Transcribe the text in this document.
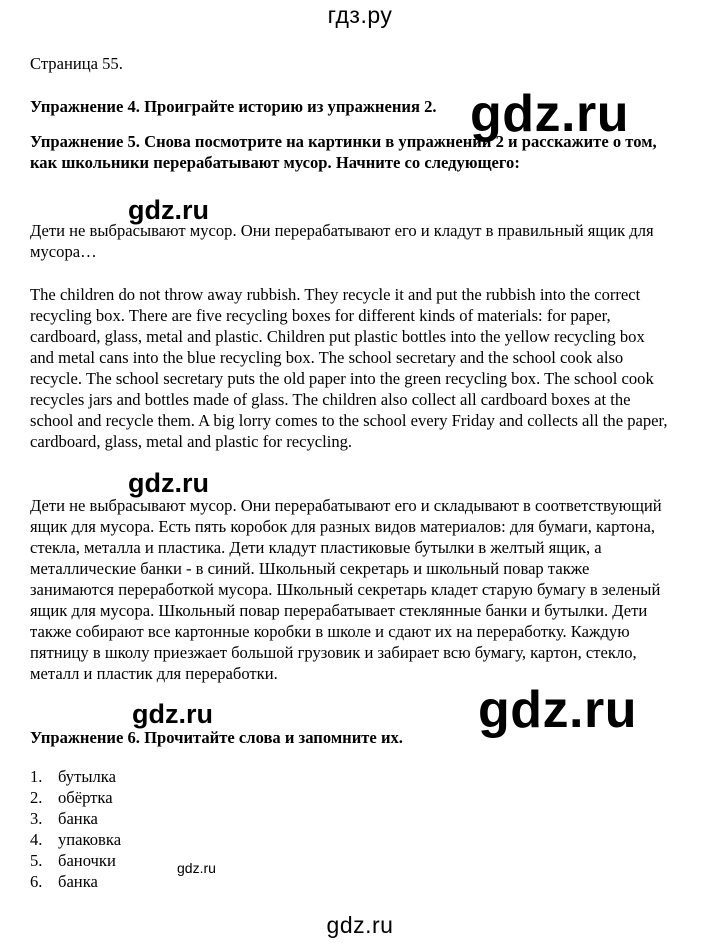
гдз.ру

Страница 55.

Упражнение 4. Проиграйте историю из упражнения 2.

Упражнение 5. Снова посмотрите на картинки в упражнении 2 и расскажите о том, как школьники перерабатывают мусор. Начните со следующего:

Дети не выбрасывают мусор. Они перерабатывают его и кладут в правильный ящик для мусора…

The children do not throw away rubbish. They recycle it and put the rubbish into the correct recycling box. There are five recycling boxes for different kinds of materials: for paper, cardboard, glass, metal and plastic. Children put plastic bottles into the yellow recycling box and metal cans into the blue recycling box. The school secretary and the school cook also recycle. The school secretary puts the old paper into the green recycling box. The school cook recycles jars and bottles made of glass. The children also collect all cardboard boxes at the school and recycle them. A big lorry comes to the school every Friday and collects all the paper, cardboard, glass, metal and plastic for recycling.

Дети не выбрасывают мусор. Они перерабатывают его и складывают в соответствующий ящик для мусора. Есть пять коробок для разных видов материалов: для бумаги, картона, стекла, металла и пластика. Дети кладут пластиковые бутылки в желтый ящик, а металлические банки - в синий. Школьный секретарь и школьный повар также занимаются переработкой мусора. Школьный секретарь кладет старую бумагу в зеленый ящик для мусора. Школьный повар перерабатывает стеклянные банки и бутылки. Дети также собирают все картонные коробки в школе и сдают их на переработку. Каждую пятницу в школу приезжает большой грузовик и забирает всю бумагу, картон, стекло, металл и пластик для переработки.

Упражнение 6. Прочитайте слова и запомните их.

1. бутылка
2. обёртка
3. банка
4. упаковка
5. баночки
6. банка
gdz.ru
gdz.ru
gdz.ru
gdz.ru
gdz.ru
gdz.ru
gdz.ru
